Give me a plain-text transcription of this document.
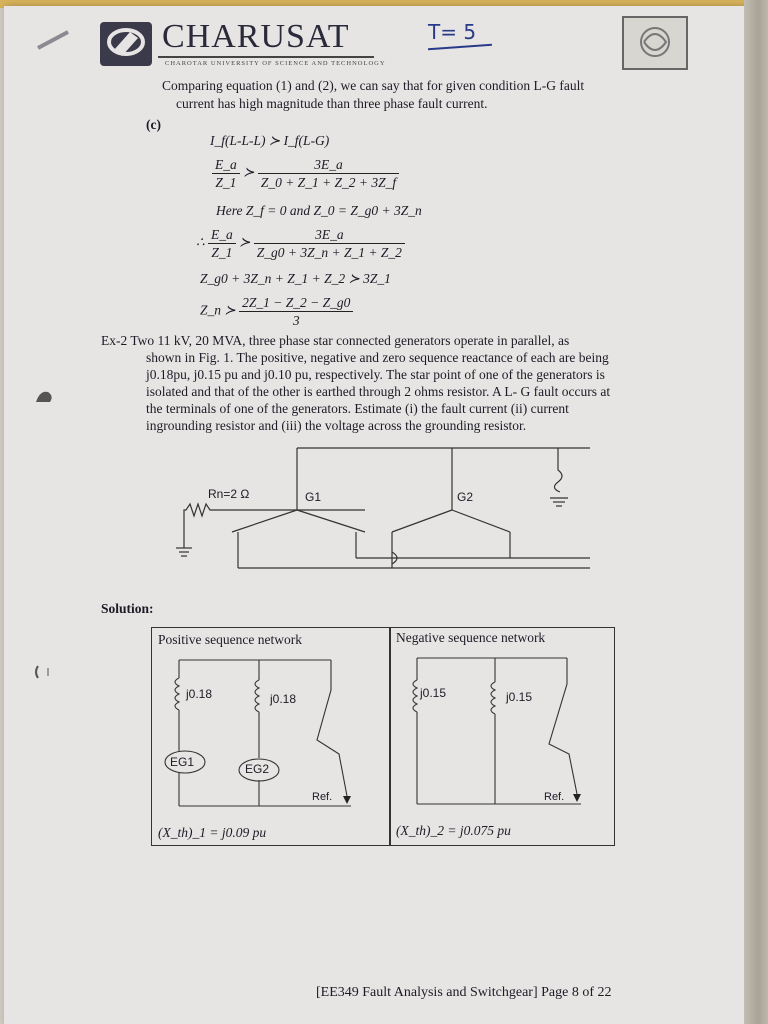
CHARUSAT
CHAROTAR UNIVERSITY OF SCIENCE AND TECHNOLOGY
T= 5
Comparing equation (1) and (2), we can say that for given condition L-G fault
current has high magnitude than three phase fault current.
(c)
I_f(L-L-L) ≻ I_f(L-G)
$\frac{E\_a}{Z\_1}$ ≻ $\frac{3E\_a}{Z\_0 + Z\_1 + Z\_2 + 3Z\_f}$
Here Z_f = 0 and Z_0 = Z_g0 + 3Z_n
∴ $\frac{E\_a}{Z\_1}$ ≻ $\frac{3E\_a}{Z\_g0 + 3Z\_n + Z\_1 + Z\_2}$
Z_g0 + 3Z_n + Z_1 + Z_2 ≻ 3Z_1
Z_n ≻ $\frac{2Z\_1 - Z\_2 - Z\_g0}{3}$
Ex-2 Two 11 kV, 20 MVA, three phase star connected generators operate in parallel, as
shown in Fig. 1. The positive, negative and zero sequence reactance of each are being
j0.18pu, j0.15 pu and j0.10 pu, respectively. The star point of one of the generators is
isolated and that of the other is earthed through 2 ohms resistor. A L- G fault occurs at
the terminals of one of the generators. Estimate (i) the fault current (ii) current
ingrounding resistor and (iii) the voltage across the grounding resistor.
Rn=2 Ω	G1	G2
Solution:
Positive sequence network	Negative sequence network
j0.18	j0.18
EG1	EG2
Ref.
(X_th)_1 = j0.09 pu
j0.15	j0.15
Ref.
(X_th)_2 = j0.075 pu
[EE349 Fault Analysis and Switchgear] Page 8 of 22
